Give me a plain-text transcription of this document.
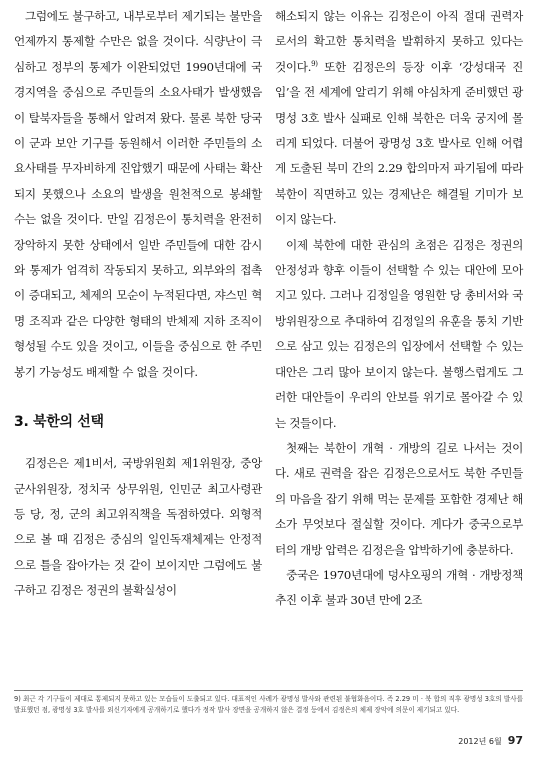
그럼에도 불구하고, 내부로부터 제기되는 불만을 언제까지 통제할 수만은 없을 것이다. 식량난이 극심하고 정부의 통제가 이완되었던 1990년대에 국경지역을 중심으로 주민들의 소요사태가 발생했음이 탈북자들을 통해서 알려져 왔다. 물론 북한 당국이 군과 보안 기구를 동원해서 이러한 주민들의 소요사태를 무자비하게 진압했기 때문에 사태는 확산되지 못했으나 소요의 발생을 원천적으로 봉쇄할 수는 없을 것이다. 만일 김정은이 통치력을 완전히 장악하지 못한 상태에서 일반 주민들에 대한 감시와 통제가 엄격히 작동되지 못하고, 외부와의 접촉이 증대되고, 체제의 모순이 누적된다면, 쟈스민 혁명 조직과 같은 다양한 형태의 반체제 지하 조직이 형성될 수도 있을 것이고, 이들을 중심으로 한 주민봉기 가능성도 배제할 수 없을 것이다.

3. 북한의 선택

김정은은 제1비서, 국방위원회 제1위원장, 중앙군사위원장, 정치국 상무위원, 인민군 최고사령관 등 당, 정, 군의 최고위직책을 독점하였다. 외형적으로 볼 때 김정은 중심의 일인독재체제는 안정적으로 틀을 잡아가는 것 같이 보이지만 그럼에도 불구하고 김정은 정권의 불확실성이

해소되지 않는 이유는 김정은이 아직 절대 권력자로서의 확고한 통치력을 발휘하지 못하고 있다는 것이다.$^{9)}$ 또한 김정은의 등장 이후 ‘강성대국 진입’을 전 세계에 알리기 위해 야심차게 준비했던 광명성 3호 발사 실패로 인해 북한은 더욱 궁지에 몰리게 되었다. 더불어 광명성 3호 발사로 인해 어렵게 도출된 북미 간의 2.29 합의마저 파기됨에 따라 북한이 직면하고 있는 경제난은 해결될 기미가 보이지 않는다.

이제 북한에 대한 관심의 초점은 김정은 정권의 안정성과 향후 이들이 선택할 수 있는 대안에 모아지고 있다. 그러나 김정일을 영원한 당 총비서와 국방위원장으로 추대하여 김정일의 유훈을 통치 기반으로 삼고 있는 김정은의 입장에서 선택할 수 있는 대안은 그리 많아 보이지 않는다. 불행스럽게도 그러한 대안들이 우리의 안보를 위기로 몰아갈 수 있는 것들이다.

첫째는 북한이 개혁 · 개방의 길로 나서는 것이다. 새로 권력을 잡은 김정은으로서도 북한 주민들의 마음을 잡기 위해 먹는 문제를 포함한 경제난 해소가 무엇보다 절실할 것이다. 게다가 중국으로부터의 개방 압력은 김정은을 압박하기에 충분하다.

중국은 1970년대에 덩샤오핑의 개혁 · 개방정책 추진 이후 불과 30년 만에 2조

9) 최근 각 기구들이 제대로 통제되지 못하고 있는 모습들이 도출되고 있다. 대표적인 사례가 광명성 발사와 관련된 불협화음이다. 즉 2.29 미 · 북 합의 직후 광명성 3호의 발사를 발표했던 점, 광명성 3호 발사를 외신기자에게 공개하기로 했다가 정작 발사 장면을 공개하지 않은 결정 등에서 김정은의 체제 장악에 의문이 제기되고 있다.
2012년 6월 97
